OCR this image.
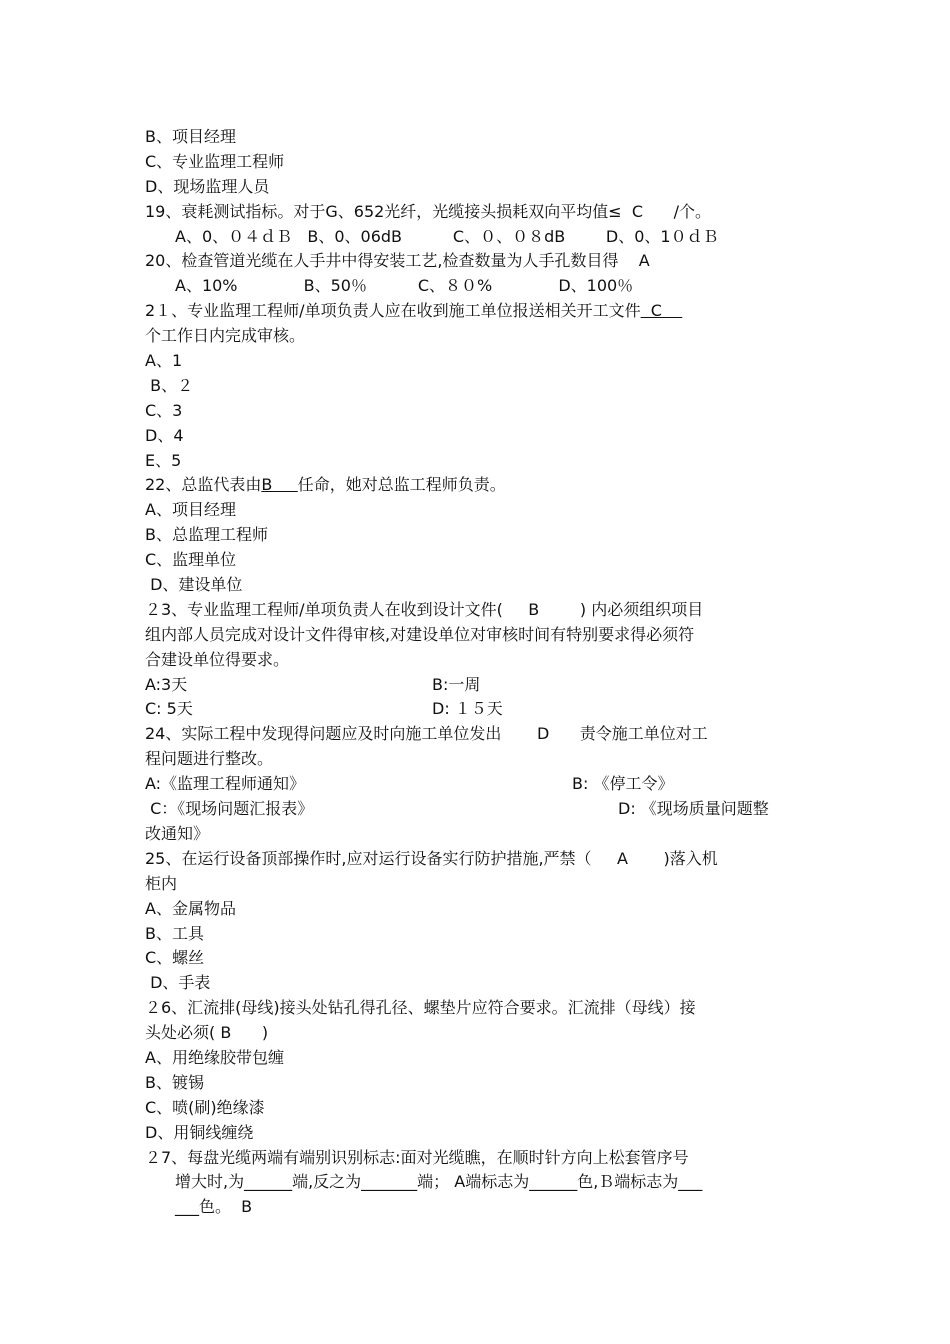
B、项目经理

C、专业监理工程师

D、现场监理人员

19、衰耗测试指标。对于G、652光纤，光缆接头损耗双向平均值≤  C      /个。

A、0、０４ｄＢ   B、0、06dB          C、０、０８dB        D、0、1０ｄＢ

20、检查管道光缆在人手井中得安装工艺,检查数量为人手孔数目得    A

A、10%             B、50％          C、８０%             D、100％

2１、专业监理工程师/单项负责人应在收到施工单位报送相关开工文件  C

个工作日内完成审核。

A、1

B、２

C、3

D、4

E、5

22、总监代表由B     任命，她对总监工程师负责。

A、项目经理

B、总监理工程师

C、监理单位

D、建设单位

２3、专业监理工程师/单项负责人在收到设计文件(     B        ) 内必须组织项目

组内部人员完成对设计文件得审核,对建设单位对审核时间有特别要求得必须符

合建设单位得要求。

A:3天	B:一周
C: 5天	D: １５天

24、实际工程中发现得问题应及时向施工单位发出       D      责令施工单位对工

程问题进行整改。

A:《监理工程师通知》	B: 《停工令》
C：《现场问题汇报表》	D: 《现场质量问题整

改通知》

25、在运行设备顶部操作时,应对运行设备实行防护措施,严禁（     A       )落入机

柜内

A、金属物品

B、工具

C、螺丝

D、手表

２6、汇流排(母线)接头处钻孔得孔径、螺垫片应符合要求。汇流排（母线）接

头处必须( B      )

A、用绝缘胶带包缠

B、镀锡

C、喷(刷)绝缘漆

D、用铜线缠绕

２7、每盘光缆两端有端别识别标志:面对光缆瞧，在顺时针方向上松套管序号

增大时,为______端,反之为_______端； A端标志为______色,Ｂ端标志为___

___色。  B
